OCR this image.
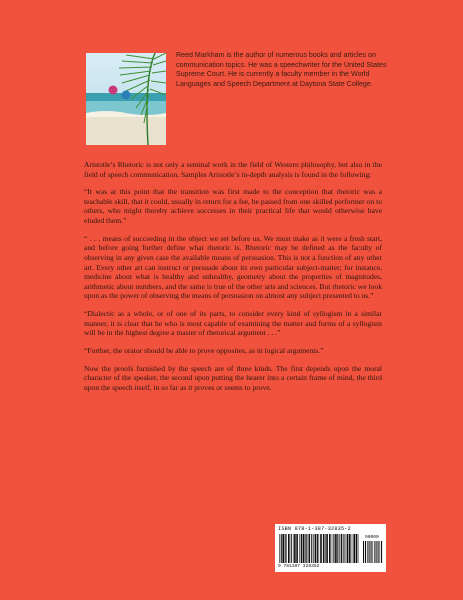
Reed Markham is the author of numerous books and articles on communication topics. He was a speechwriter for the United States Supreme Court. He is currently a faculty member in the World Languages and Speech Department at Daytona State College.

Aristotle’s Rhetoric is not only a seminal work in the field of Western philosophy, but also in the field of speech communication. Samples Aristotle’s in-depth analysis is found in the following:

“It was at this point that the transition was first made to the conception that rhetoric was a teachable skill, that it could, usually in return for a fee, be passed from one skilled performer on to others, who might thereby achieve successes in their practical life that would otherwise have eluded them.”

“ . . . means of succeeding in the object we set before us. We must make as it were a fresh start, and before going further define what rhetoric is. Rhetoric may be defined as the faculty of observing in any given case the available means of persuasion. This is not a function of any other art. Every other art can instruct or persuade about its own particular subject-matter; for instance, medicine about what is healthy and unhealthy, geometry about the properties of magnitudes, arithmetic about numbers, and the same is true of the other arts and sciences. But rhetoric we look upon as the power of observing the means of persuasion on almost any subject presented to us.”

“Dialectic as a whole, or of one of its parts, to consider every kind of syllogism in a similar manner, it is clear that he who is most capable of examining the matter and forms of a syllogism will be in the highest degree a master of rhetorical argument . . .”

“Further, the orator should be able to prove opposites, as in logical arguments.”

Now the proofs furnished by the speech are of three kinds. The first depends upon the moral character of the speaker, the second upon putting the hearer into a certain frame of mind, the third upon the speech itself, in so far as it proves or seems to prove.

ISBN 978-1-387-32835-2
90000
9 781387 328352
